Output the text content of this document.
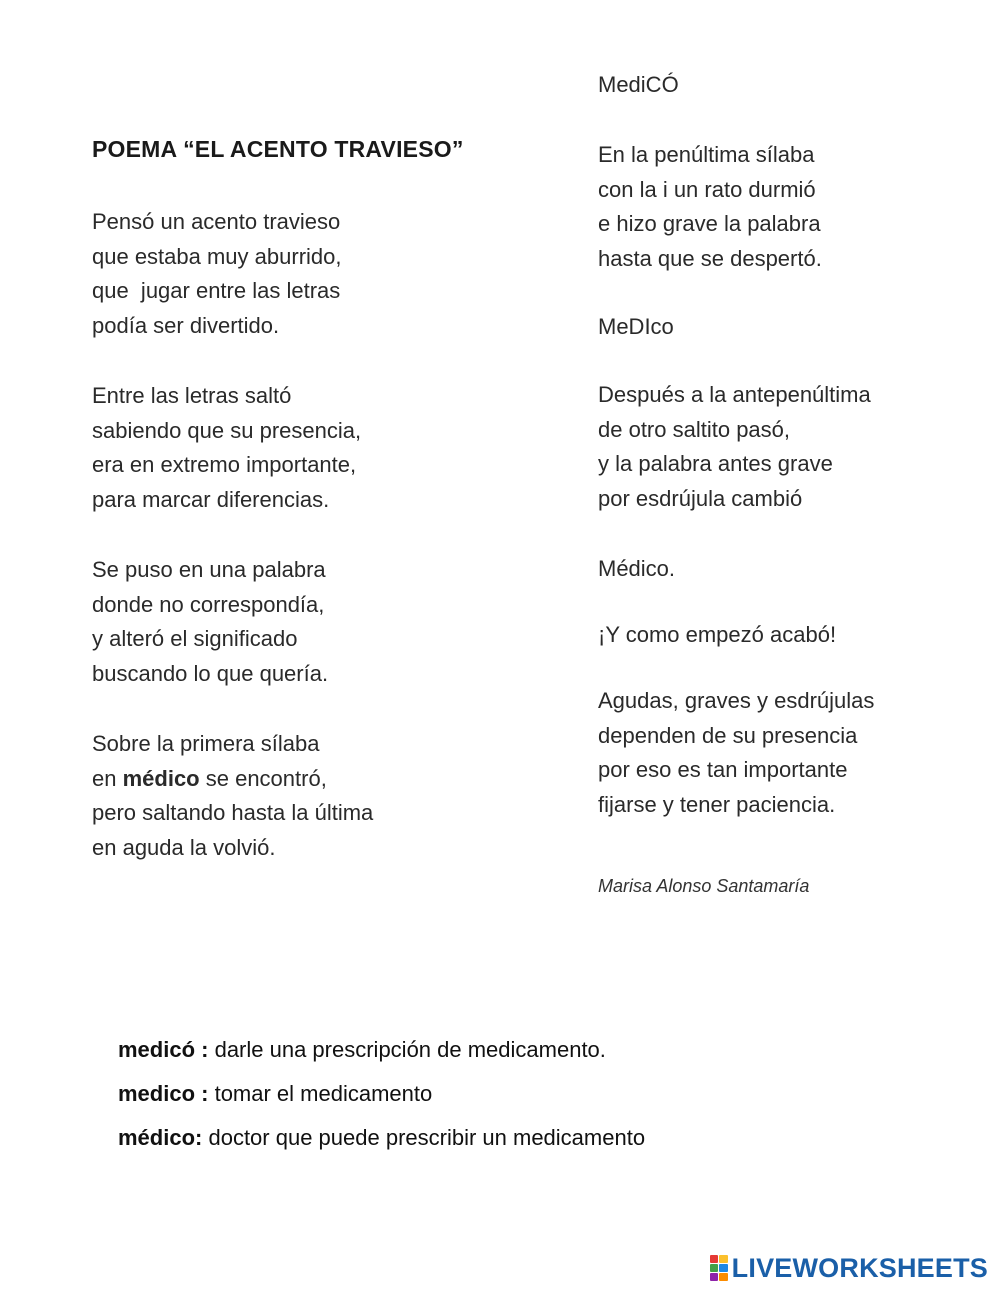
POEMA “EL ACENTO TRAVIESO”

Pensó un acento travieso
que estaba muy aburrido,
que  jugar entre las letras
podía ser divertido.

Entre las letras saltó
sabiendo que su presencia,
era en extremo importante,
para marcar diferencias.

Se puso en una palabra
donde no correspondía,
y alteró el significado
buscando lo que quería.

Sobre la primera sílaba
en médico se encontró,
pero saltando hasta la última
en aguda la volvió.

MediCÓ

En la penúltima sílaba
con la i un rato durmió
e hizo grave la palabra
hasta que se despertó.

MeDIco

Después a la antepenúltima
de otro saltito pasó,
y la palabra antes grave
por esdrújula cambió

Médico.
¡Y como empezó acabó!

Agudas, graves y esdrújulas
dependen de su presencia
por eso es tan importante
fijarse y tener paciencia.

Marisa Alonso Santamaría
medicó : darle una prescripción de medicamento.
medico : tomar el medicamento
médico: doctor que puede prescribir un medicamento
LIVEWORKSHEETS
